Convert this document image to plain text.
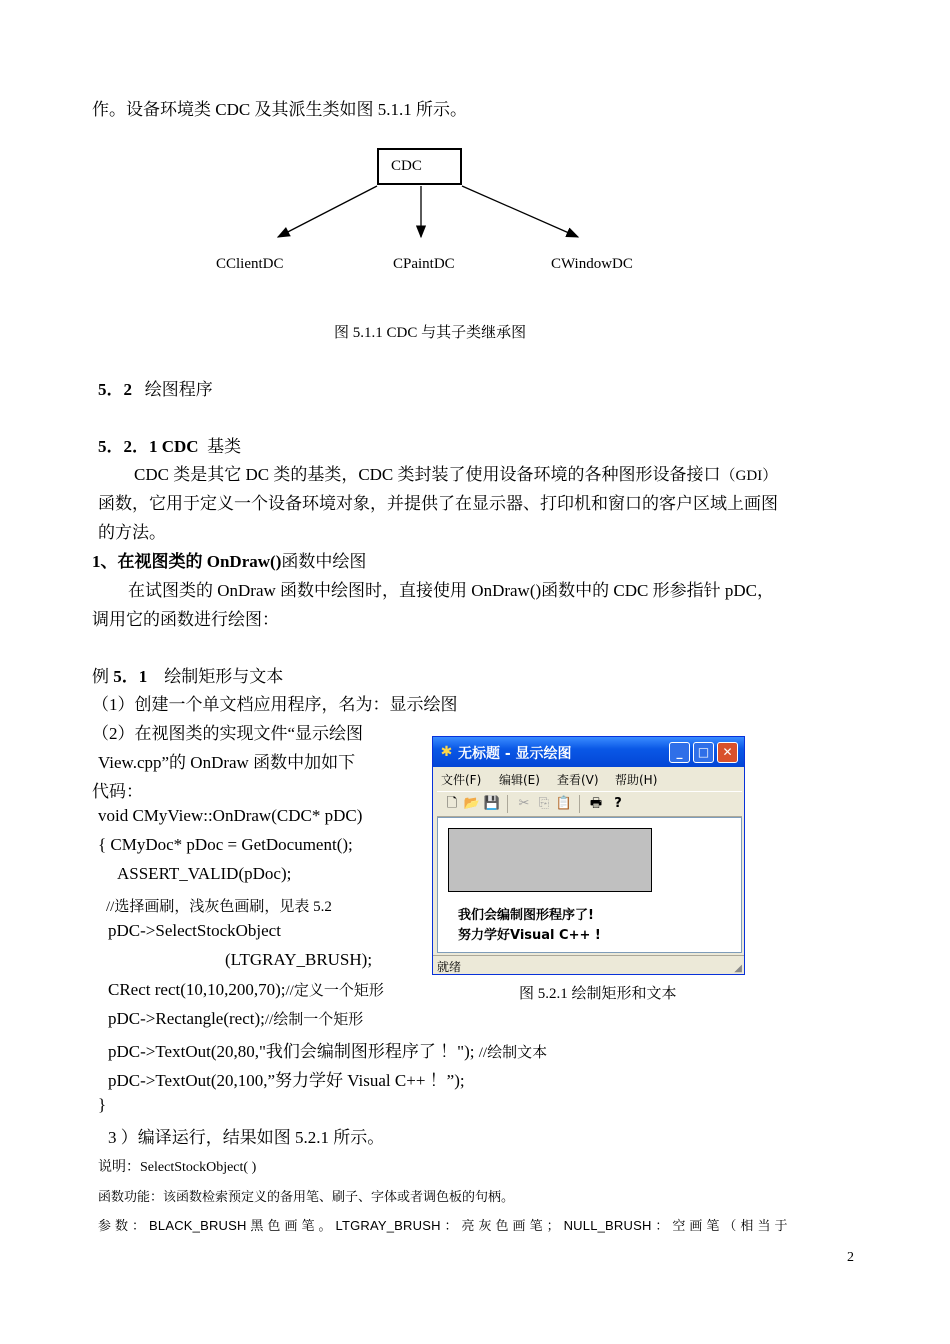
作。设备环境类 CDC 及其派生类如图 5.1.1 所示。
CDC
CClientDC	CPaintDC	CWindowDC
图 5.1.1 CDC 与其子类继承图
5．2 绘图程序
5．2．1 CDC 基类
CDC 类是其它 DC 类的基类，CDC 类封装了使用设备环境的各种图形设备接口（GDI）
函数，它用于定义一个设备环境对象，并提供了在显示器、打印机和窗口的客户区域上画图
的方法。
1、在视图类的 OnDraw()函数中绘图
在试图类的 OnDraw 函数中绘图时，直接使用 OnDraw()函数中的 CDC 形参指针 pDC，
调用它的函数进行绘图：
例 5．1 绘制矩形与文本
（1）创建一个单文档应用程序，名为：显示绘图
（2）在视图类的实现文件“显示绘图
View.cpp”的 OnDraw 函数中加如下
代码：
void CMyView::OnDraw(CDC* pDC)
{ CMyDoc* pDoc = GetDocument();
ASSERT_VALID(pDoc);
//选择画刷，浅灰色画刷，见表 5.2
pDC->SelectStockObject
(LTGRAY_BRUSH);
CRect rect(10,10,200,70);//定义一个矩形
pDC->Rectangle(rect);//绘制一个矩形
pDC->TextOut(20,80,"我们会编制图形程序了 ！"); //绘制文本
pDC->TextOut(20,100,”努力学好 Visual C++ ！”);
}
3 ）编译运行，结果如图 5.2.1 所示。
说明：SelectStockObject( )
函数功能：该函数检索预定义的备用笔、刷子、字体或者调色板的句柄。
参 数 ： BLACK_BRUSH 黑 色 画 笔 。 LTGRAY_BRUSH ： 亮 灰 色 画 笔 ； NULL_BRUSH ： 空 画 笔 （ 相 当 于
2
图 5.2.1 绘制矩形和文本
✱ 无标题 - 显示绘图	_	□	✕
文件(F) 编辑(E) 查看(V) 帮助(H)
🗋 📂 💾 ✂ ⎘ 📋 🖶 ?
我们会编制图形程序了!
努力学好Visual C++ !
就绪	◢
